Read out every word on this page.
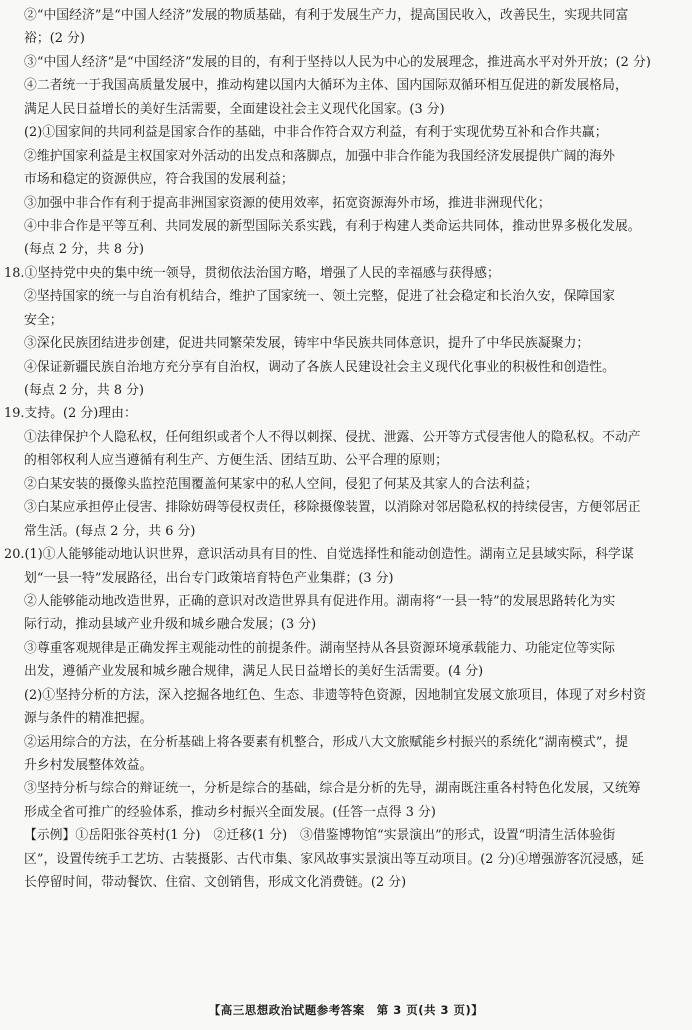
②“中国经济”是“中国人经济”发展的物质基础，有利于发展生产力，提高国民收入，改善民生，实现共同富
裕；(2 分)
③“中国人经济”是“中国经济”发展的目的，有利于坚持以人民为中心的发展理念，推进高水平对外开放；(2 分)
④二者统一于我国高质量发展中，推动构建以国内大循环为主体、国内国际双循环相互促进的新发展格局，
满足人民日益增长的美好生活需要，全面建设社会主义现代化国家。(3 分)
(2)①国家间的共同利益是国家合作的基础，中非合作符合双方利益，有利于实现优势互补和合作共赢；
②维护国家利益是主权国家对外活动的出发点和落脚点，加强中非合作能为我国经济发展提供广阔的海外
市场和稳定的资源供应，符合我国的发展利益；
③加强中非合作有利于提高非洲国家资源的使用效率，拓宽资源海外市场，推进非洲现代化；
④中非合作是平等互利、共同发展的新型国际关系实践，有利于构建人类命运共同体，推动世界多极化发展。
(每点 2 分，共 8 分)
18.①坚持党中央的集中统一领导，贯彻依法治国方略，增强了人民的幸福感与获得感；
②坚持国家的统一与自治有机结合，维护了国家统一、领土完整，促进了社会稳定和长治久安，保障国家
安全；
③深化民族团结进步创建，促进共同繁荣发展，铸牢中华民族共同体意识，提升了中华民族凝聚力；
④保证新疆民族自治地方充分享有自治权，调动了各族人民建设社会主义现代化事业的积极性和创造性。
(每点 2 分，共 8 分)
19.支持。(2 分)理由：
①法律保护个人隐私权，任何组织或者个人不得以刺探、侵扰、泄露、公开等方式侵害他人的隐私权。不动产
的相邻权利人应当遵循有利生产、方便生活、团结互助、公平合理的原则；
②白某安装的摄像头监控范围覆盖何某家中的私人空间，侵犯了何某及其家人的合法利益；
③白某应承担停止侵害、排除妨碍等侵权责任，移除摄像装置，以消除对邻居隐私权的持续侵害，方便邻居正
常生活。(每点 2 分，共 6 分)
20.(1)①人能够能动地认识世界，意识活动具有目的性、自觉选择性和能动创造性。湖南立足县域实际，科学谋
划“一县一特”发展路径，出台专门政策培育特色产业集群；(3 分)
②人能够能动地改造世界，正确的意识对改造世界具有促进作用。湖南将“一县一特”的发展思路转化为实
际行动，推动县域产业升级和城乡融合发展；(3 分)
③尊重客观规律是正确发挥主观能动性的前提条件。湖南坚持从各县资源环境承载能力、功能定位等实际
出发，遵循产业发展和城乡融合规律，满足人民日益增长的美好生活需要。(4 分)
(2)①坚持分析的方法，深入挖掘各地红色、生态、非遗等特色资源，因地制宜发展文旅项目，体现了对乡村资
源与条件的精准把握。
②运用综合的方法，在分析基础上将各要素有机整合，形成八大文旅赋能乡村振兴的系统化“湖南模式”，提
升乡村发展整体效益。
③坚持分析与综合的辩证统一，分析是综合的基础，综合是分析的先导，湖南既注重各村特色化发展，又统筹
形成全省可推广的经验体系，推动乡村振兴全面发展。(任答一点得 3 分)
【示例】①岳阳张谷英村(1 分)　②迁移(1 分)　③借鉴博物馆“实景演出”的形式，设置“明清生活体验街
区”，设置传统手工艺坊、古装摄影、古代市集、家风故事实景演出等互动项目。(2 分)④增强游客沉浸感，延
长停留时间，带动餐饮、住宿、文创销售，形成文化消费链。(2 分)
【高三思想政治试题参考答案　第 3 页(共 3 页)】
